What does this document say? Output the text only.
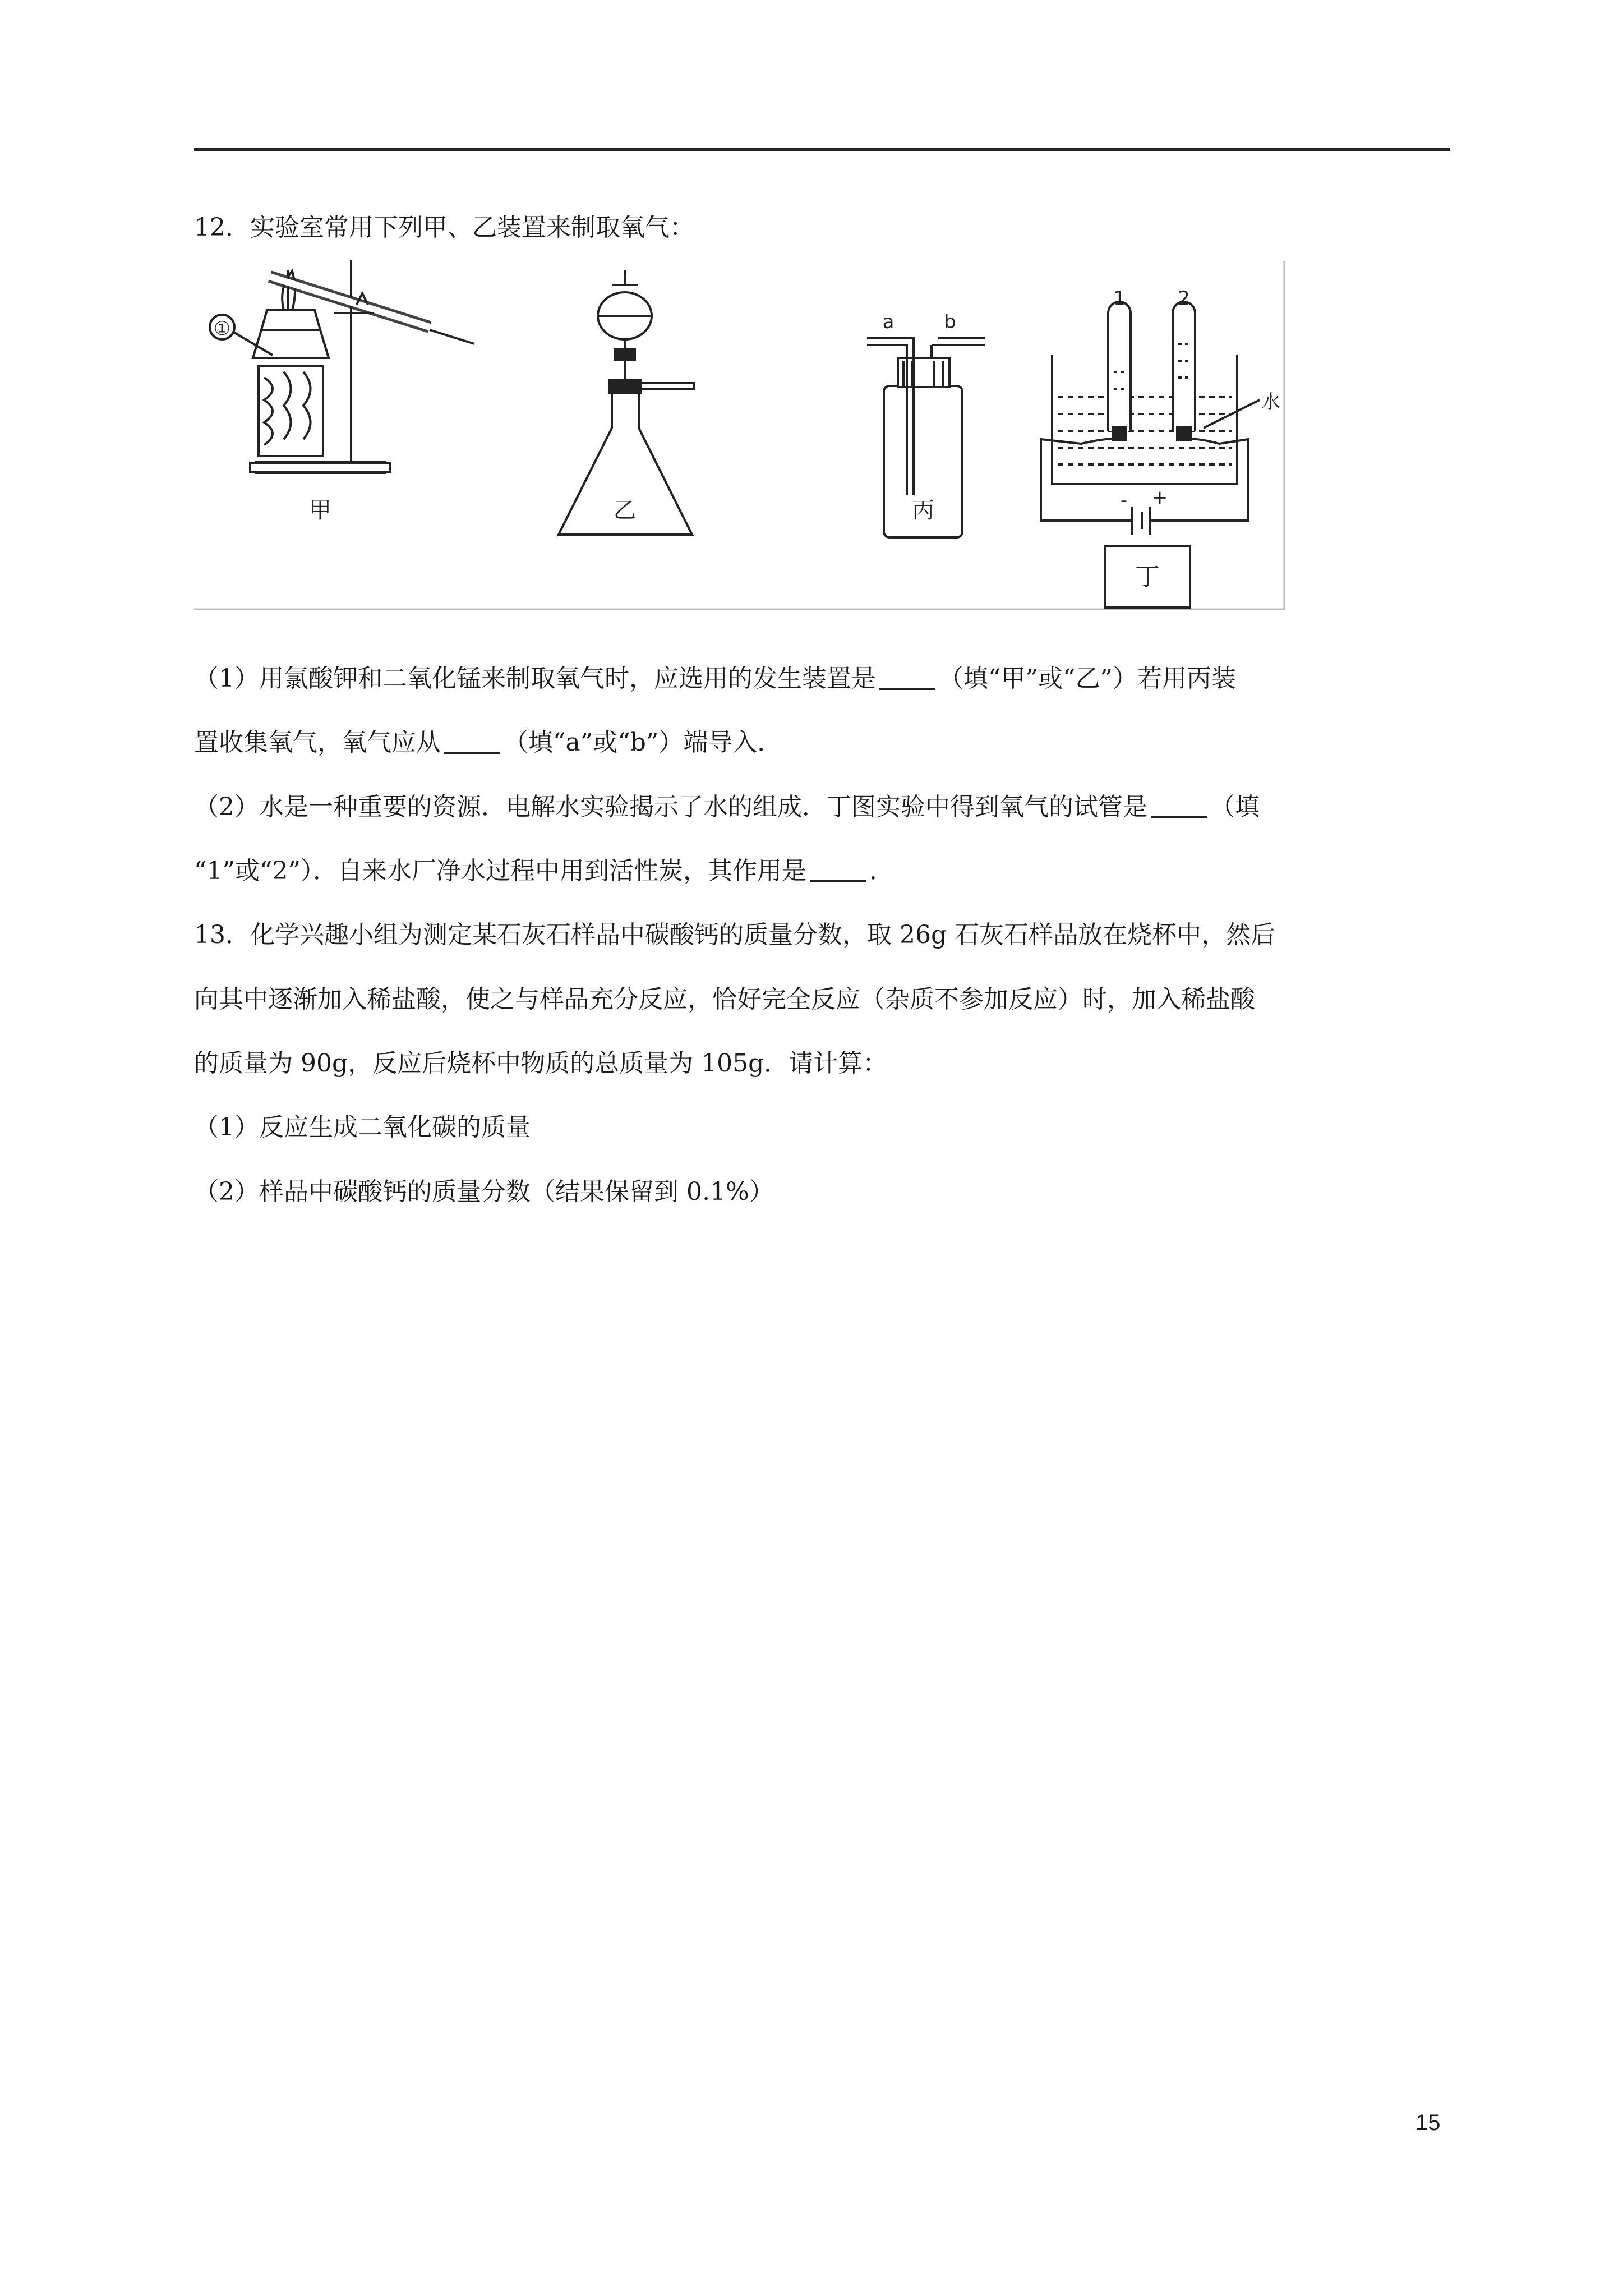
12．实验室常用下列甲、乙装置来制取氧气：
①
甲	乙
a	b
丙
1	2
水
- +
丁
（1）用氯酸钾和二氧化锰来制取氧气时，应选用的发生装置是	（填“甲”或“乙”）若用丙装
置收集氧气，氧气应从	（填“a”或“b”）端导入．
（2）水是一种重要的资源．电解水实验揭示了水的组成．丁图实验中得到氧气的试管是	（填
“1”或“2”）．自来水厂净水过程中用到活性炭，其作用是	．
13．化学兴趣小组为测定某石灰石样品中碳酸钙的质量分数，取 26g 石灰石样品放在烧杯中，然后
向其中逐渐加入稀盐酸，使之与样品充分反应，恰好完全反应（杂质不参加反应）时，加入稀盐酸
的质量为 90g，反应后烧杯中物质的总质量为 105g．请计算：
（1）反应生成二氧化碳的质量
（2）样品中碳酸钙的质量分数（结果保留到 0.1%）
15
